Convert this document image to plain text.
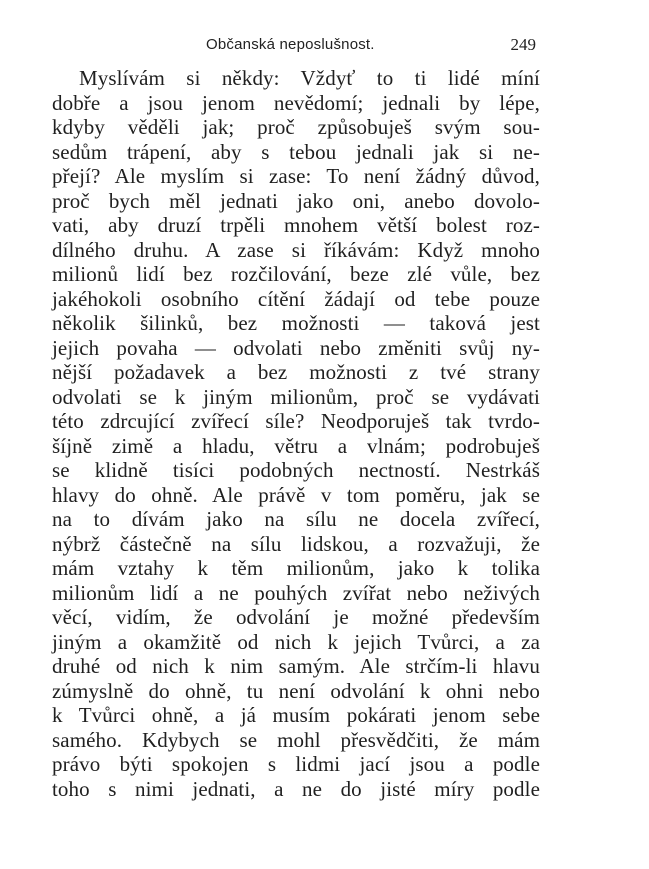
Občanská neposlušnost.	249
Myslívám si někdy: Vždyť to ti lidé míní
dobře a jsou jenom nevědomí; jednali by lépe,
kdyby věděli jak; proč způsobuješ svým sou-
sedům trápení, aby s tebou jednali jak si ne-
přejí? Ale myslím si zase: To není žádný důvod,
proč bych měl jednati jako oni, anebo dovolo-
vati, aby druzí trpěli mnohem větší bolest roz-
dílného druhu. A zase si říkávám: Když mnoho
milionů lidí bez rozčilování, beze zlé vůle, bez
jakéhokoli osobního cítění žádají od tebe pouze
několik šilinků, bez možnosti — taková jest
jejich povaha — odvolati nebo změniti svůj ny-
nější požadavek a bez možnosti z tvé strany
odvolati se k jiným milionům, proč se vydávati
této zdrcující zvířecí síle? Neodporuješ tak tvrdo-
šíjně zimě a hladu, větru a vlnám; podrobuješ
se klidně tisíci podobných nectností. Nestrkáš
hlavy do ohně. Ale právě v tom poměru, jak se
na to dívám jako na sílu ne docela zvířecí,
nýbrž částečně na sílu lidskou, a rozvažuji, že
mám vztahy k těm milionům, jako k tolika
milionům lidí a ne pouhých zvířat nebo neživých
věcí, vidím, že odvolání je možné především
jiným a okamžitě od nich k jejich Tvůrci, a za
druhé od nich k nim samým. Ale strčím-li hlavu
zúmyslně do ohně, tu není odvolání k ohni nebo
k Tvůrci ohně, a já musím pokárati jenom sebe
samého. Kdybych se mohl přesvědčiti, že mám
právo býti spokojen s lidmi jací jsou a podle
toho s nimi jednati, a ne do jisté míry podle
